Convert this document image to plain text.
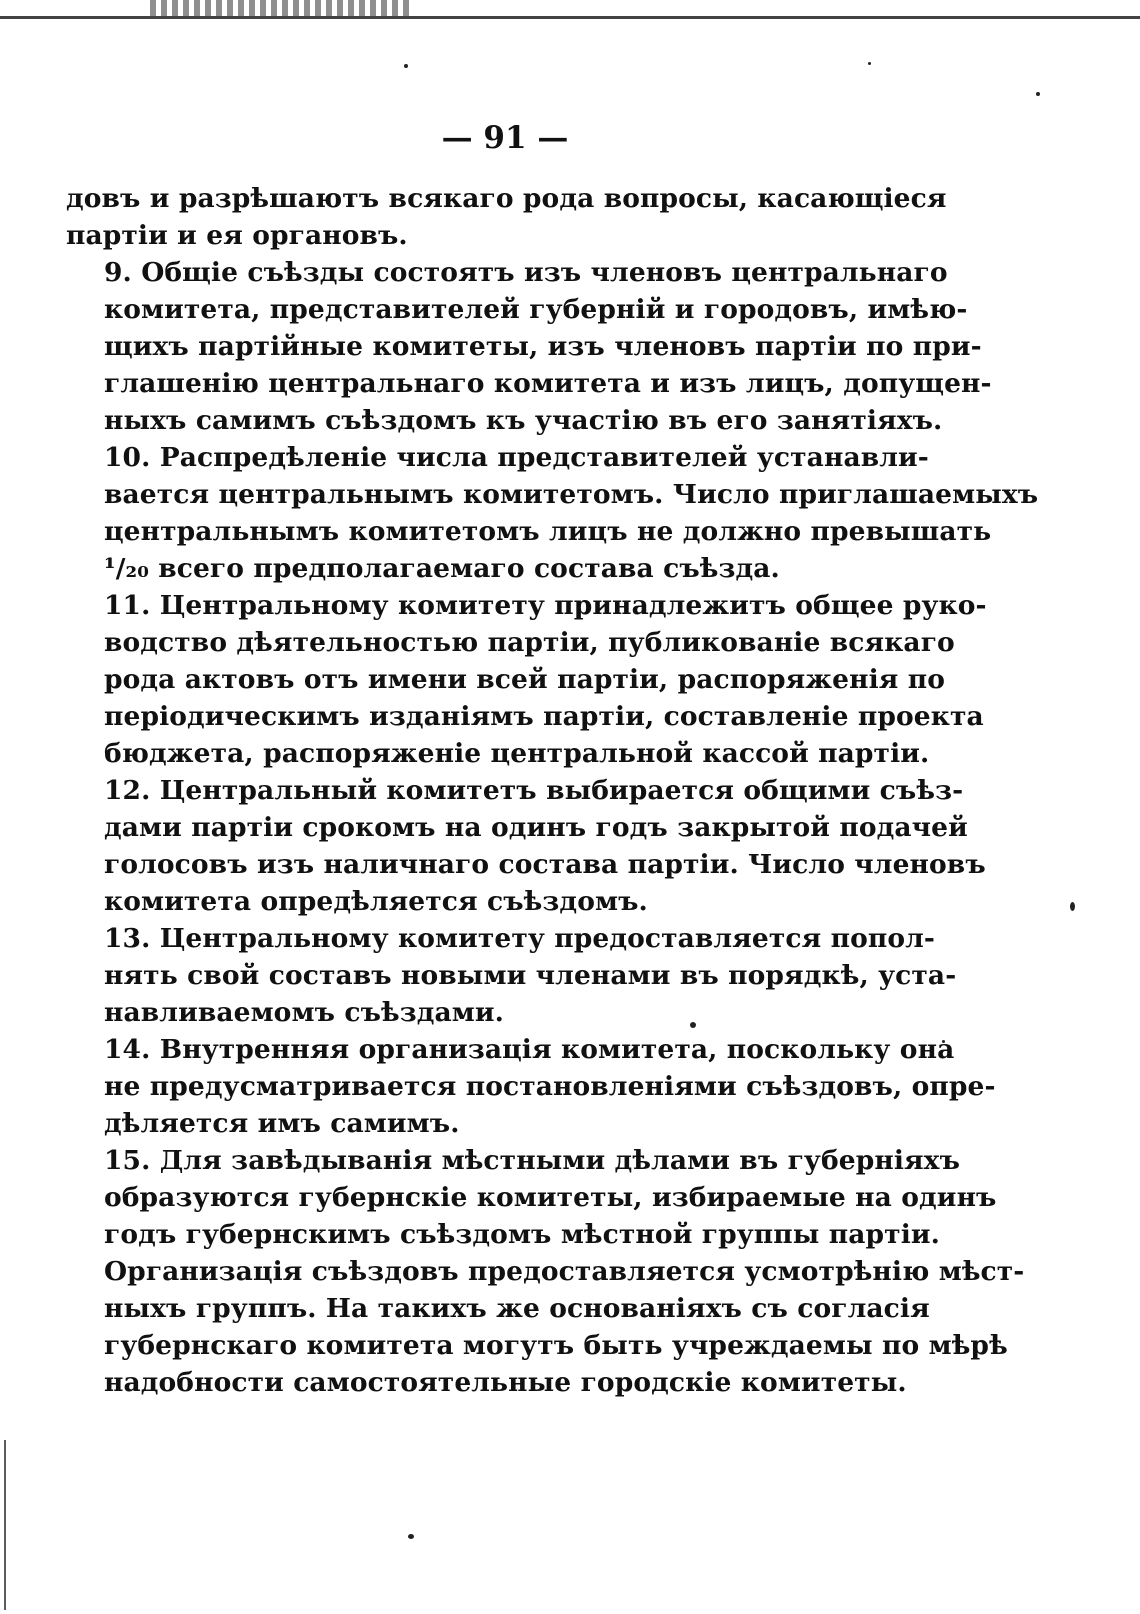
— 91 —

довъ и разрѣшаютъ всякаго рода вопросы, касающіеся
партіи и ея органовъ.

9. Общіе съѣзды состоятъ изъ членовъ центральнаго
комитета, представителей губерній и городовъ, имѣю-
щихъ партійные комитеты, изъ членовъ партіи по при-
глашенію центральнаго комитета и изъ лицъ, допущен-
ныхъ самимъ съѣздомъ къ участію въ его занятіяхъ.

10. Распредѣленіе числа представителей устанавли-
вается центральнымъ комитетомъ. Число приглашаемыхъ
центральнымъ комитетомъ лицъ не должно превышать
¹/₂₀ всего предполагаемаго состава съѣзда.

11. Центральному комитету принадлежитъ общее руко-
водство дѣятельностью партіи, публикованіе всякаго
рода актовъ отъ имени всей партіи, распоряженія по
періодическимъ изданіямъ партіи, составленіе проекта
бюджета, распоряженіе центральной кассой партіи.

12. Центральный комитетъ выбирается общими съѣз-
дами партіи срокомъ на одинъ годъ закрытой подачей
голосовъ изъ наличнаго состава партіи. Число членовъ
комитета опредѣляется съѣздомъ.

13. Центральному комитету предоставляется попол-
нять свой составъ новыми членами въ порядкѣ, уста-
навливаемомъ съѣздами.

14. Внутренняя организація комитета, поскольку она
не предусматривается постановленіями съѣздовъ, опре-
дѣляется имъ самимъ.

15. Для завѣдыванія мѣстными дѣлами въ губерніяхъ
образуются губернскіе комитеты, избираемые на одинъ
годъ губернскимъ съѣздомъ мѣстной группы партіи.
Организація съѣздовъ предоставляется усмотрѣнію мѣст-
ныхъ группъ. На такихъ же основаніяхъ съ согласія
губернскаго комитета могутъ быть учреждаемы по мѣрѣ
надобности самостоятельные городскіе комитеты.
